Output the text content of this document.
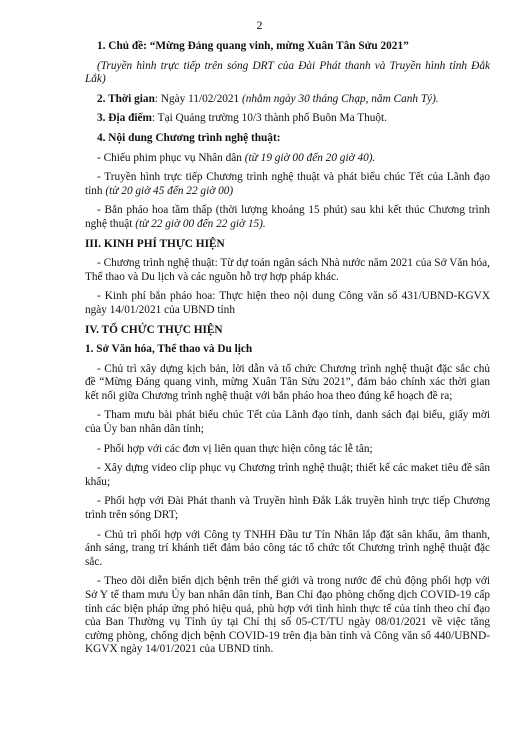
2

1. Chủ đề: “Mừng Đảng quang vinh, mừng Xuân Tân Sửu 2021”

(Truyền hình trực tiếp trên sóng DRT của Đài Phát thanh và Truyền hình tỉnh Đắk Lắk)

2. Thời gian: Ngày 11/02/2021 (nhằm ngày 30 tháng Chạp, năm Canh Tý).

3. Địa điểm: Tại Quảng trường 10/3 thành phố Buôn Ma Thuột.

4. Nội dung Chương trình nghệ thuật:

- Chiếu phim phục vụ Nhân dân (từ 19 giờ 00 đến 20 giờ 40).

- Truyền hình trực tiếp Chương trình nghệ thuật và phát biểu chúc Tết của Lãnh đạo tỉnh (từ 20 giờ 45 đến 22 giờ 00)

- Bắn pháo hoa tầm thấp (thời lượng khoảng 15 phút) sau khi kết thúc Chương trình nghệ thuật (từ 22 giờ 00 đến 22 giờ 15).

III. KINH PHÍ THỰC HIỆN

- Chương trình nghệ thuật: Từ dự toán ngân sách Nhà nước năm 2021 của Sở Văn hóa, Thể thao và Du lịch và các nguồn hỗ trợ hợp pháp khác.

- Kinh phí bắn pháo hoa: Thực hiện theo nội dung Công văn số 431/UBND-KGVX ngày 14/01/2021 của UBND tỉnh

IV. TỔ CHỨC THỰC HIỆN

1. Sở Văn hóa, Thể thao và Du lịch

- Chủ trì xây dựng kịch bản, lời dẫn và tổ chức Chương trình nghệ thuật đặc sắc chủ đề “Mừng Đảng quang vinh, mừng Xuân Tân Sửu 2021”, đảm bảo chính xác thời gian kết nối giữa Chương trình nghệ thuật với bắn pháo hoa theo đúng kế hoạch đề ra;

- Tham mưu bài phát biểu chúc Tết của Lãnh đạo tỉnh, danh sách đại biểu, giấy mời của Ủy ban nhân dân tỉnh;

- Phối hợp với các đơn vị liên quan thực hiện công tác lễ tân;

- Xây dựng video clip phục vụ Chương trình nghệ thuật; thiết kế các maket tiêu đề sân khấu;

- Phối hợp với Đài Phát thanh và Truyền hình Đắk Lắk truyền hình trực tiếp Chương trình trên sóng DRT;

- Chủ trì phối hợp với Công ty TNHH Đầu tư Tín Nhân lắp đặt sân khấu, âm thanh, ánh sáng, trang trí khánh tiết đảm bảo công tác tổ chức tốt Chương trình nghệ thuật đặc sắc.

- Theo dõi diễn biến dịch bệnh trên thế giới và trong nước để chủ động phối hợp với Sở Y tế tham mưu Ủy ban nhân dân tỉnh, Ban Chỉ đạo phòng chống dịch COVID-19 cấp tỉnh các biện pháp ứng phó hiệu quả, phù hợp với tình hình thực tế của tỉnh theo chỉ đạo của Ban Thường vụ Tỉnh ủy tại Chỉ thị số 05-CT/TU ngày 08/01/2021 về việc tăng cường phòng, chống dịch bệnh COVID-19 trên địa bàn tỉnh và Công văn số 440/UBND-KGVX ngày 14/01/2021 của UBND tỉnh.
